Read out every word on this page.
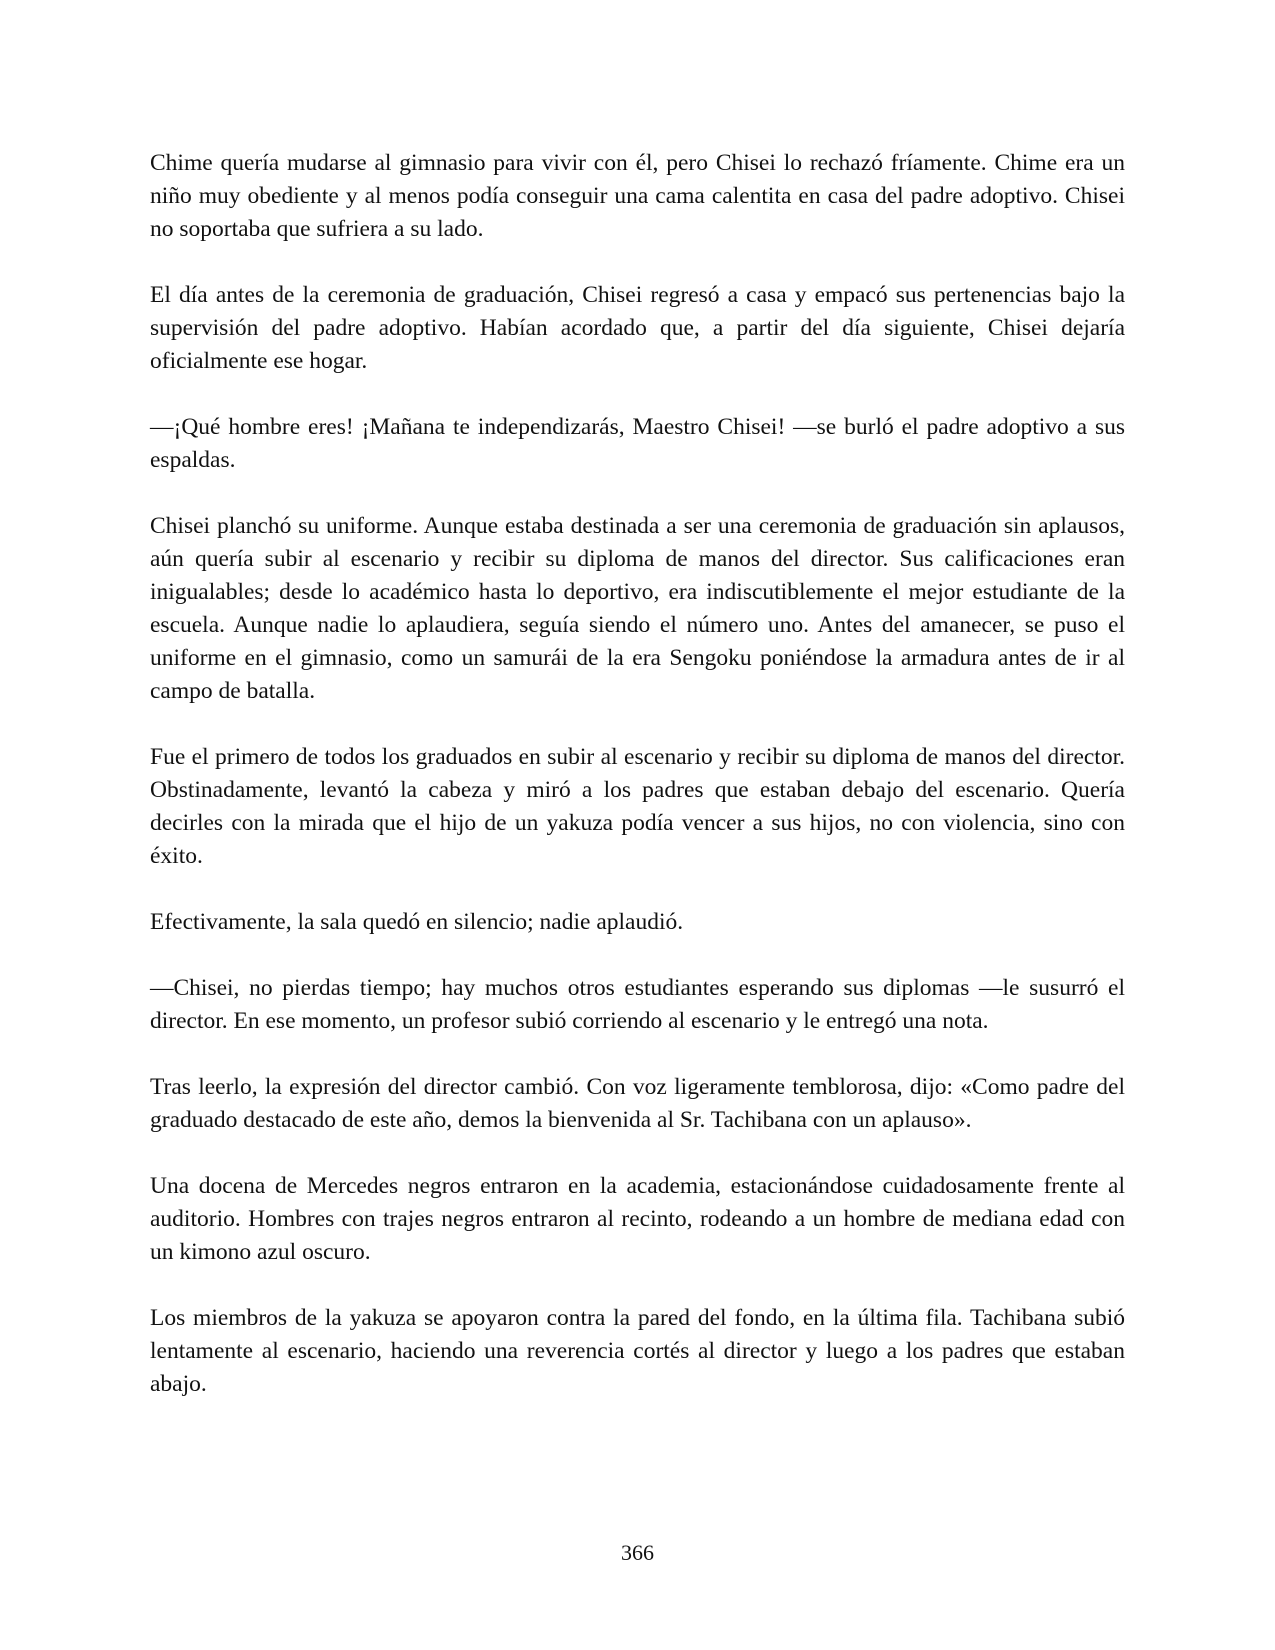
Chime quería mudarse al gimnasio para vivir con él, pero Chisei lo rechazó fríamente. Chime era un niño muy obediente y al menos podía conseguir una cama calentita en casa del padre adoptivo. Chisei no soportaba que sufriera a su lado.

El día antes de la ceremonia de graduación, Chisei regresó a casa y empacó sus pertenencias bajo la supervisión del padre adoptivo. Habían acordado que, a partir del día siguiente, Chisei dejaría oficialmente ese hogar.

—¡Qué hombre eres! ¡Mañana te independizarás, Maestro Chisei! —se burló el padre adoptivo a sus espaldas.

Chisei planchó su uniforme. Aunque estaba destinada a ser una ceremonia de graduación sin aplausos, aún quería subir al escenario y recibir su diploma de manos del director. Sus calificaciones eran inigualables; desde lo académico hasta lo deportivo, era indiscutiblemente el mejor estudiante de la escuela. Aunque nadie lo aplaudiera, seguía siendo el número uno. Antes del amanecer, se puso el uniforme en el gimnasio, como un samurái de la era Sengoku poniéndose la armadura antes de ir al campo de batalla.

Fue el primero de todos los graduados en subir al escenario y recibir su diploma de manos del director. Obstinadamente, levantó la cabeza y miró a los padres que estaban debajo del escenario. Quería decirles con la mirada que el hijo de un yakuza podía vencer a sus hijos, no con violencia, sino con éxito.

Efectivamente, la sala quedó en silencio; nadie aplaudió.

—Chisei, no pierdas tiempo; hay muchos otros estudiantes esperando sus diplomas —le susurró el director. En ese momento, un profesor subió corriendo al escenario y le entregó una nota.

Tras leerlo, la expresión del director cambió. Con voz ligeramente temblorosa, dijo: «Como padre del graduado destacado de este año, demos la bienvenida al Sr. Tachibana con un aplauso».

Una docena de Mercedes negros entraron en la academia, estacionándose cuidadosamente frente al auditorio. Hombres con trajes negros entraron al recinto, rodeando a un hombre de mediana edad con un kimono azul oscuro.

Los miembros de la yakuza se apoyaron contra la pared del fondo, en la última fila. Tachibana subió lentamente al escenario, haciendo una reverencia cortés al director y luego a los padres que estaban abajo.

366
